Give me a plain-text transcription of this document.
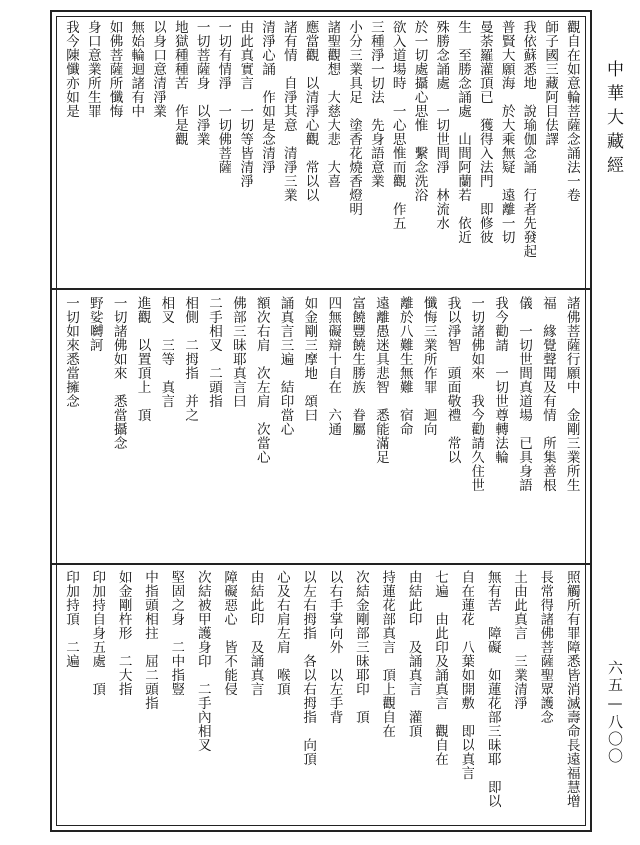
中華大藏經
六五—八〇〇
觀自在如意輪菩薩念誦法一卷
師子國三藏阿目佉譯
我依蘇悉地　說瑜伽念誦　行者先發起
普賢大願海　於大乘無疑　遠離一切
曼荼羅灌頂已　獲得入法門　即修彼
生　至勝念誦處　山間阿蘭若　依近
殊勝念誦處　一切世間淨　林流水
於一切處攝心思惟　繫念洗浴
欲入道場時　一心思惟而觀　作五
三種淨一切法　先身語意業
小分三業具足　塗香花燒香燈明
諸聖觀想　大慈大悲　大喜
應當觀　以清淨心觀　常以以
諸有情　自淨其意　清淨三業
清淨心誦　作如是念清淨
由此真實言　一切等皆清淨
一切有情淨　一切佛菩薩
一切菩薩身　以淨業
地獄種種苦　作是觀
以身口意清淨業
無始輪迴諸有中
如佛菩薩所懺悔
身口意業所生罪
我今陳懺亦如是
諸佛菩薩行願中　金剛三業所生
福　緣覺聲聞及有情　所集善根
儀　一切世間真道場　已具身語
我今勸請　一切世尊轉法輪
一切諸佛如來　我今勸請久住世
我以淨智　頭面敬禮　常以
懺悔三業所作罪　迴向
離於八難生無難　宿命
遠離愚迷具悲智　悉能滿足
富饒豐饒生勝族　眷屬
四無礙辯十自在　六通
如金剛三摩地　頌曰
誦真言三遍　結印當心
額次右肩　次左肩　次當心
佛部三昧耶真言曰
二手相叉　二頭指
相側　二拇指　并之
相叉　三等　真言
進觀　以置頂上　頂
一切諸佛如來　悉當攝念
野娑嚩訶
一切如來悉當擁念
照觸所有罪障悉皆消滅壽命長遠福慧增
長常得諸佛菩薩聖眾護念
土由此真言　三業清淨
無有苦　障礙　如蓮花部三昧耶　即以
自在蓮花　八葉如開敷　即以真言
七遍　由此印及誦真言　觀自在
由結此印　及誦真言　灌頂
持蓮花部真言　頂上觀自在
次結金剛部三昧耶印　頂
以右手掌向外　以左手背
以左右拇指　各以右拇指　向頂
心及右肩左肩　喉頂
由結此印　及誦真言
障礙惡心　皆不能侵
次結被甲護身印　二手內相叉
堅固之身　二中指豎
中指頭相拄　屈二頭指
如金剛杵形　二大指
印加持自身五處　頂
印加持頂　二遍
